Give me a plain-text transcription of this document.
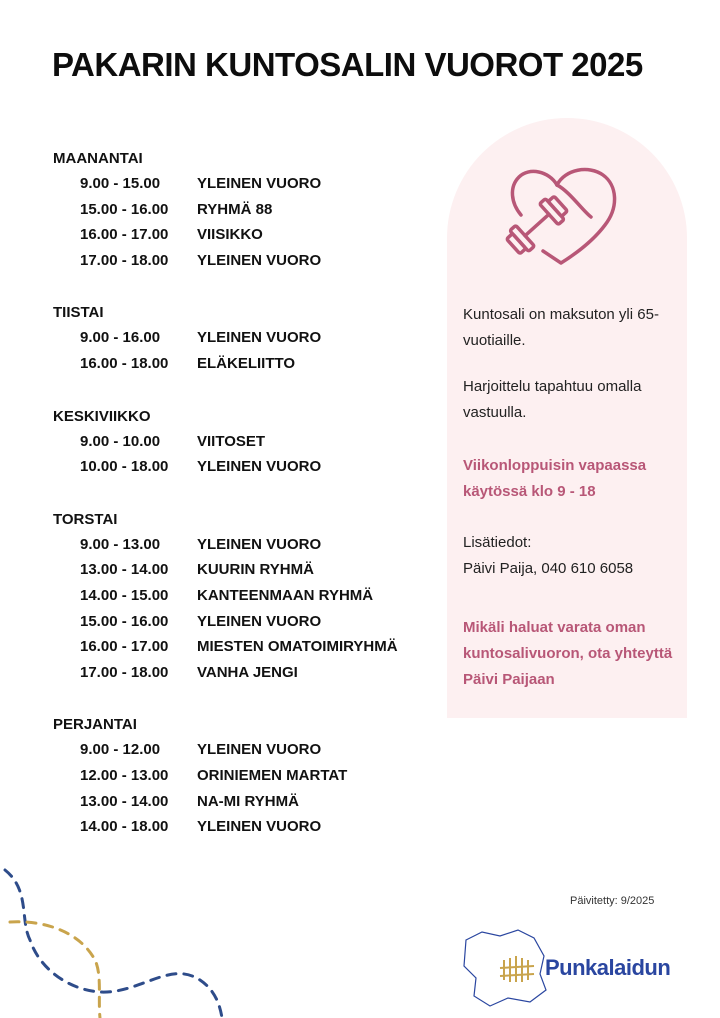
PAKARIN KUNTOSALIN VUOROT 2025

MAANANTAI

9.00 - 15.00	YLEINEN VUORO
15.00 - 16.00	RYHMÄ 88
16.00 - 17.00	VIISIKKO
17.00 - 18.00	YLEINEN VUORO

TIISTAI

9.00 - 16.00	YLEINEN VUORO
16.00 - 18.00	ELÄKELIITTO

KESKIVIIKKO

9.00 - 10.00	VIITOSET
10.00 - 18.00	YLEINEN VUORO

TORSTAI

9.00 - 13.00	YLEINEN VUORO
13.00 - 14.00	KUURIN RYHMÄ
14.00 - 15.00	KANTEENMAAN RYHMÄ
15.00 - 16.00	YLEINEN VUORO
16.00 - 17.00	MIESTEN OMATOIMIRYHMÄ
17.00 - 18.00	VANHA JENGI

PERJANTAI

9.00 - 12.00	YLEINEN VUORO
12.00 - 13.00	ORINIEMEN MARTAT
13.00 - 14.00	NA-MI RYHMÄ
14.00 - 18.00	YLEINEN VUORO

Kuntosali on maksuton yli 65-vuotiaille.

Harjoittelu tapahtuu omalla vastuulla.

Viikonloppuisin vapaassa käytössä klo 9 - 18

Lisätiedot:
Päivi Paija, 040 610 6058

Mikäli haluat varata oman kuntosalivuoron, ota yhteyttä Päivi Paijaan

Päivitetty: 9/2025

Punkalaidun
